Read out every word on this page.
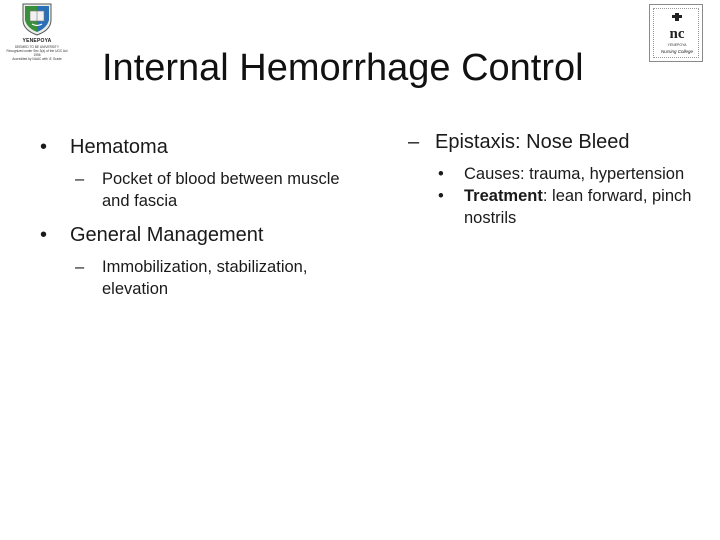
YENEPOYA
DEEMED TO BE UNIVERSITY
Recognized under Sec 3(a) of the UGC Act 1956
Accredited by NAAC with 'A' Grade
nc
YENEPOYA
Nursing College
Internal Hemorrhage Control
• Hematoma
– Pocket of blood between muscle and fascia
• General Management
– Immobilization, stabilization, elevation
– Epistaxis: Nose Bleed
• Causes: trauma, hypertension
• Treatment: lean forward, pinch nostrils
